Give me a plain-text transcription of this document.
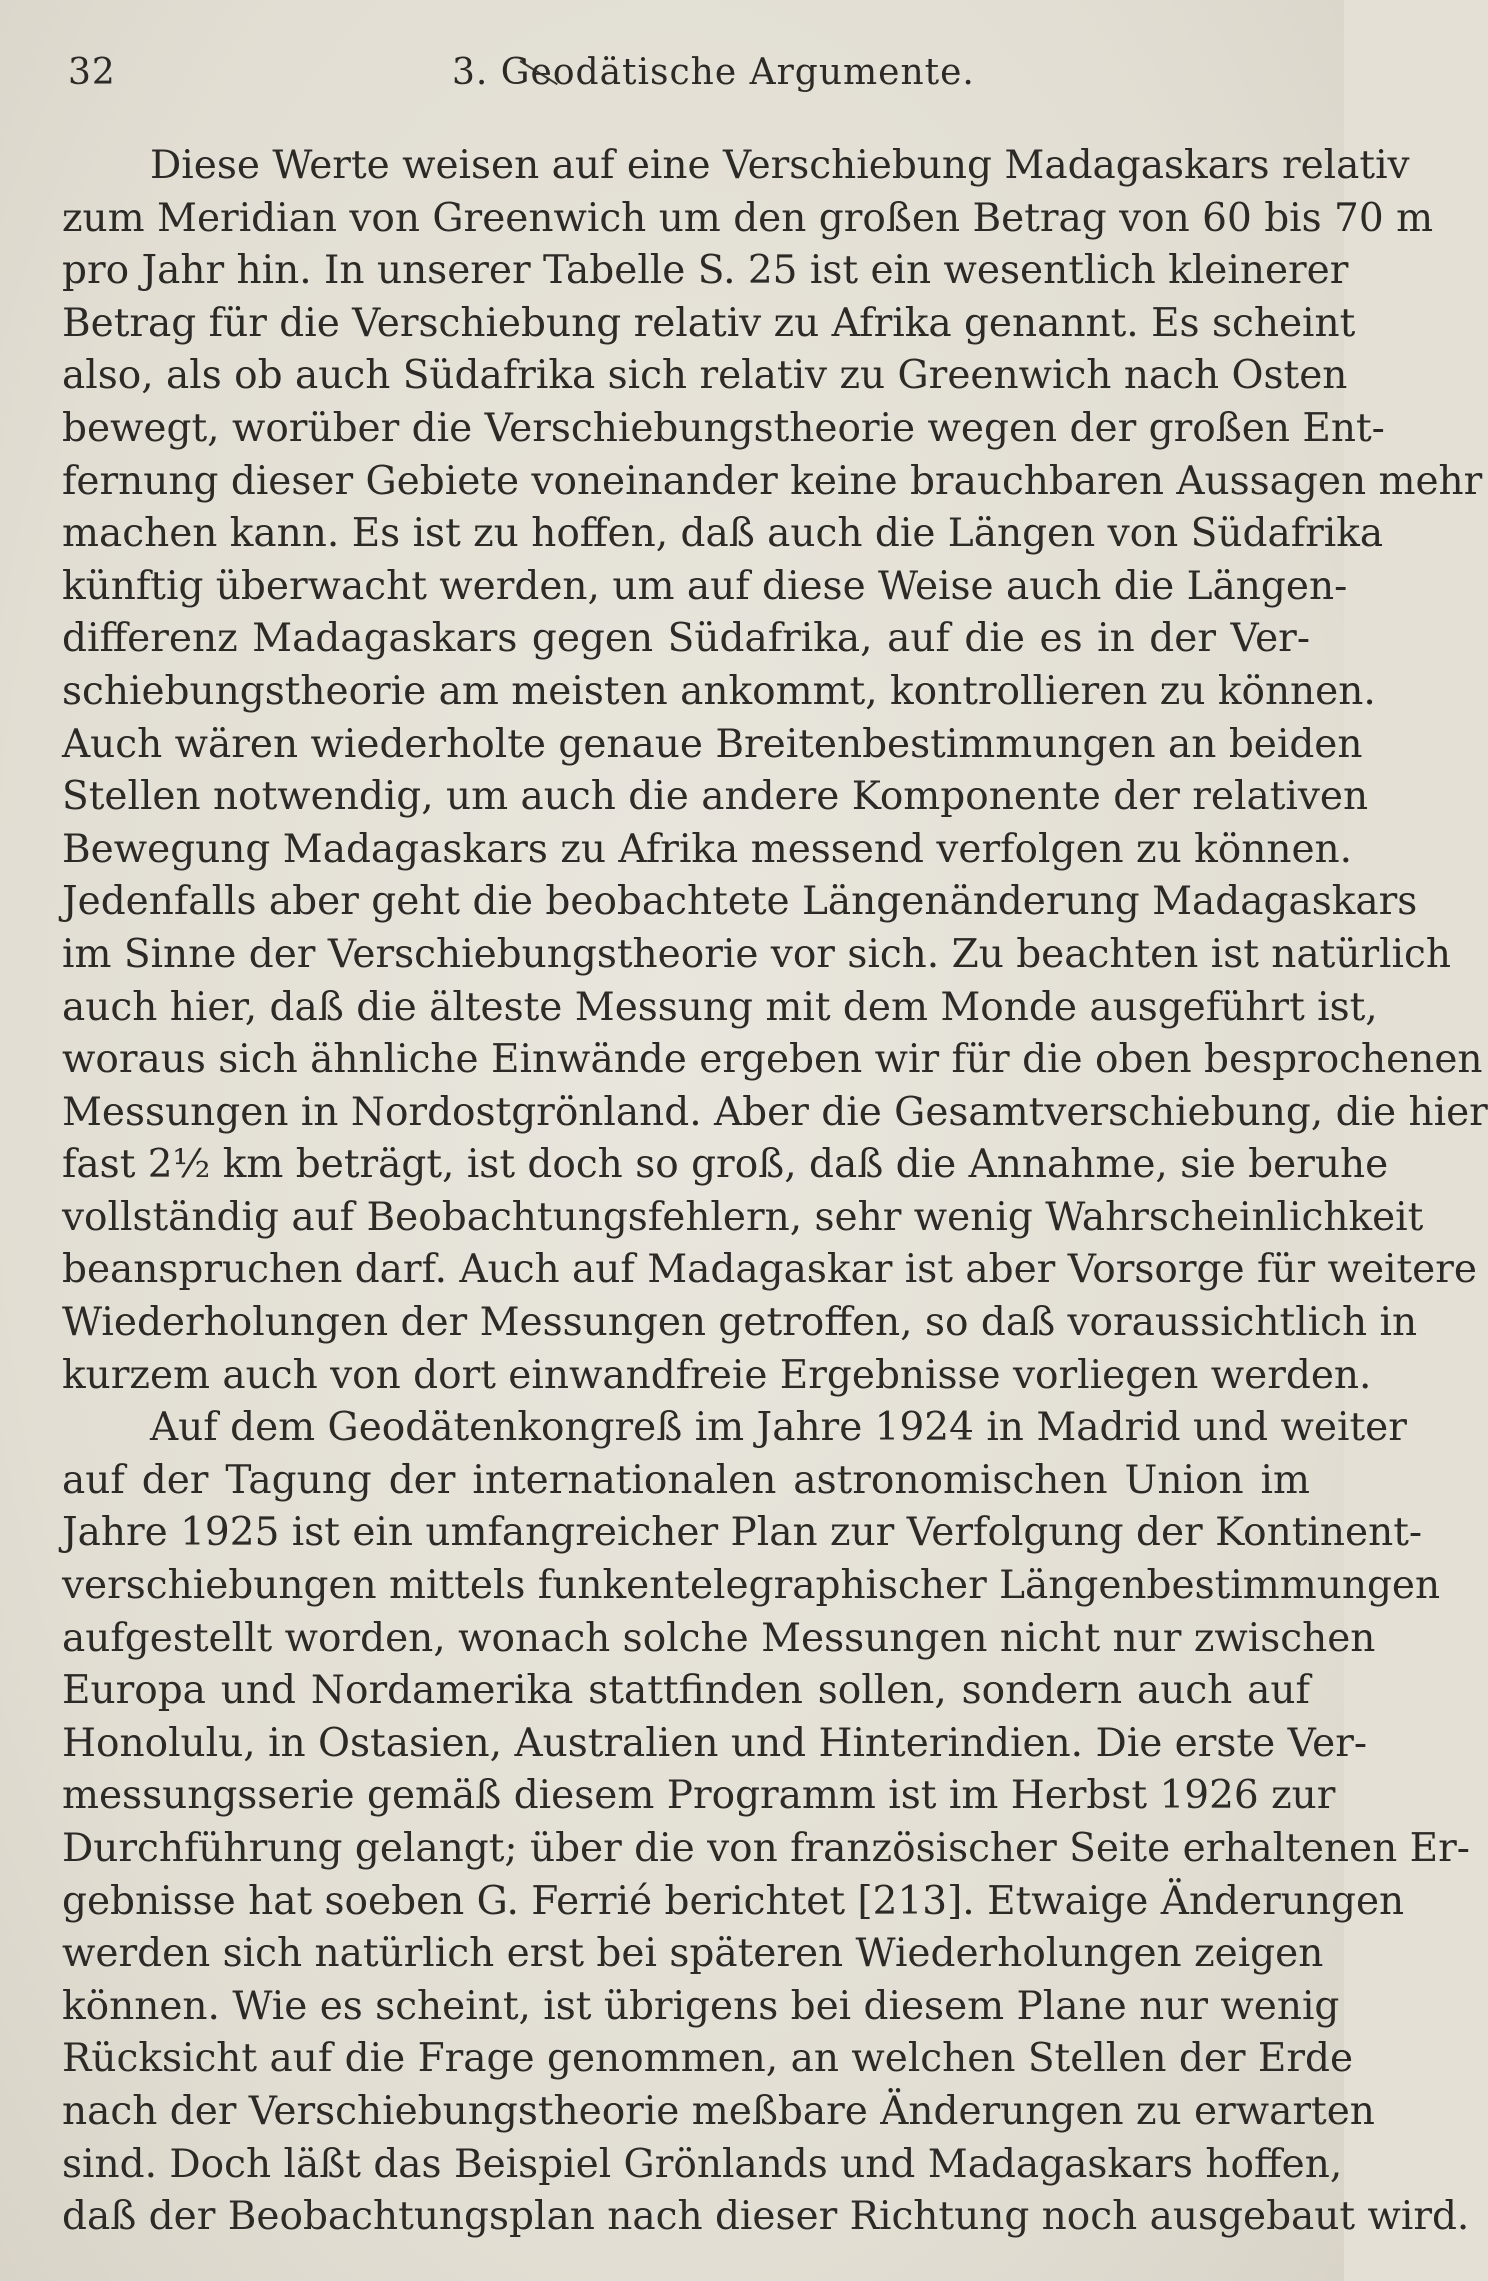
32	3. Geodätische Argumente.
Diese Werte weisen auf eine Verschiebung Madagaskars relativ
zum Meridian von Greenwich um den großen Betrag von 60 bis 70 m
pro Jahr hin. In unserer Tabelle S. 25 ist ein wesentlich kleinerer
Betrag für die Verschiebung relativ zu Afrika genannt. Es scheint
also, als ob auch Südafrika sich relativ zu Greenwich nach Osten
bewegt, worüber die Verschiebungstheorie wegen der großen Ent-
fernung dieser Gebiete voneinander keine brauchbaren Aussagen mehr
machen kann. Es ist zu hoffen, daß auch die Längen von Südafrika
künftig überwacht werden, um auf diese Weise auch die Längen-
differenz Madagaskars gegen Südafrika, auf die es in der Ver-
schiebungstheorie am meisten ankommt, kontrollieren zu können.
Auch wären wiederholte genaue Breitenbestimmungen an beiden
Stellen notwendig, um auch die andere Komponente der relativen
Bewegung Madagaskars zu Afrika messend verfolgen zu können.
Jedenfalls aber geht die beobachtete Längenänderung Madagaskars
im Sinne der Verschiebungstheorie vor sich. Zu beachten ist natürlich
auch hier, daß die älteste Messung mit dem Monde ausgeführt ist,
woraus sich ähnliche Einwände ergeben wir für die oben besprochenen
Messungen in Nordostgrönland. Aber die Gesamtverschiebung, die hier
fast 2½ km beträgt, ist doch so groß, daß die Annahme, sie beruhe
vollständig auf Beobachtungsfehlern, sehr wenig Wahrscheinlichkeit
beanspruchen darf. Auch auf Madagaskar ist aber Vorsorge für weitere
Wiederholungen der Messungen getroffen, so daß voraussichtlich in
kurzem auch von dort einwandfreie Ergebnisse vorliegen werden.
Auf dem Geodätenkongreß im Jahre 1924 in Madrid und weiter
auf der Tagung der internationalen astronomischen Union im
Jahre 1925 ist ein umfangreicher Plan zur Verfolgung der Kontinent-
verschiebungen mittels funkentelegraphischer Längenbestimmungen
aufgestellt worden, wonach solche Messungen nicht nur zwischen
Europa und Nordamerika stattfinden sollen, sondern auch auf
Honolulu, in Ostasien, Australien und Hinterindien. Die erste Ver-
messungsserie gemäß diesem Programm ist im Herbst 1926 zur
Durchführung gelangt; über die von französischer Seite erhaltenen Er-
gebnisse hat soeben G. Ferrié berichtet [213]. Etwaige Änderungen
werden sich natürlich erst bei späteren Wiederholungen zeigen
können. Wie es scheint, ist übrigens bei diesem Plane nur wenig
Rücksicht auf die Frage genommen, an welchen Stellen der Erde
nach der Verschiebungstheorie meßbare Änderungen zu erwarten
sind. Doch läßt das Beispiel Grönlands und Madagaskars hoffen,
daß der Beobachtungsplan nach dieser Richtung noch ausgebaut wird.
